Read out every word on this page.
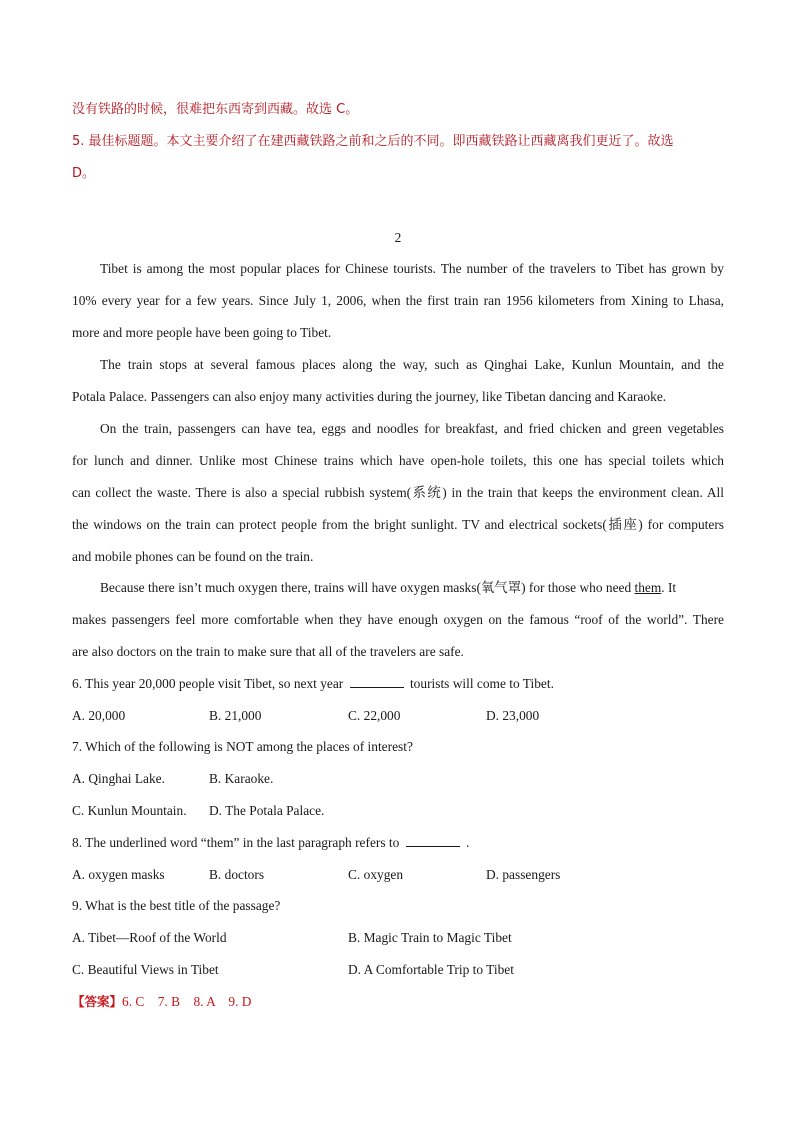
没有铁路的时候，很难把东西寄到西藏。故选 C。
5. 最佳标题题。本文主要介绍了在建西藏铁路之前和之后的不同。即西藏铁路让西藏离我们更近了。故选
D。
2
Tibet is among the most popular places for Chinese tourists. The number of the travelers to Tibet has grown by
10% every year for a few years. Since July 1, 2006, when the first train ran 1956 kilometers from Xining to Lhasa,
more and more people have been going to Tibet.
The train stops at several famous places along the way, such as Qinghai Lake, Kunlun Mountain, and the
Potala Palace. Passengers can also enjoy many activities during the journey, like Tibetan dancing and Karaoke.
On the train, passengers can have tea, eggs and noodles for breakfast, and fried chicken and green vegetables
for lunch and dinner. Unlike most Chinese trains which have open-hole toilets, this one has special toilets which
can collect the waste. There is also a special rubbish system(系统) in the train that keeps the environment clean. All
the windows on the train can protect people from the bright sunlight. TV and electrical sockets(插座) for computers
and mobile phones can be found on the train.
Because there isn’t much oxygen there, trains will have oxygen masks(氧气罩) for those who need them. It
makes passengers feel more comfortable when they have enough oxygen on the famous “roof of the world”. There
are also doctors on the train to make sure that all of the travelers are safe.
6. This year 20,000 people visit Tibet, so next year	tourists will come to Tibet.
A. 20,000	B. 21,000	C. 22,000	D. 23,000
7. Which of the following is NOT among the places of interest?
A. Qinghai Lake.	B. Karaoke.
C. Kunlun Mountain. D. The Potala Palace.
8. The underlined word “them” in the last paragraph refers to	.
A. oxygen masks	B. doctors	C. oxygen	D. passengers
9. What is the best title of the passage?
A. Tibet—Roof of the World	B. Magic Train to Magic Tibet
C. Beautiful Views in Tibet	D. A Comfortable Trip to Tibet
【答案】6. C    7. B    8. A    9. D
